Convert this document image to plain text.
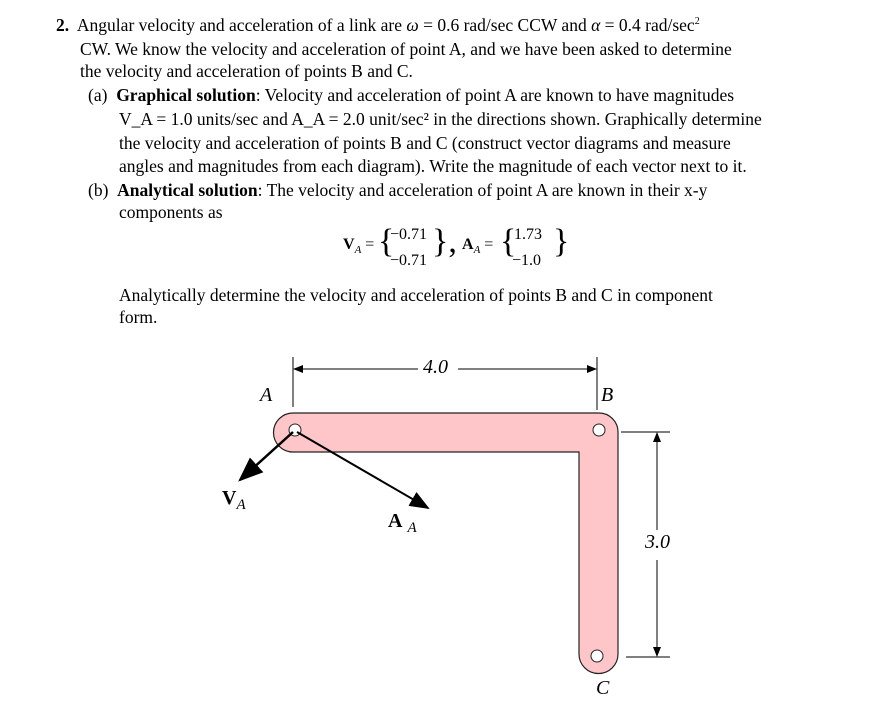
2. Angular velocity and acceleration of a link are ω = 0.6 rad/sec CCW and α = 0.4 rad/$\sec^2$
CW. We know the velocity and acceleration of point A, and we have been asked to determine
the velocity and acceleration of points B and C.
(a) Graphical solution: Velocity and acceleration of point A are known to have magnitudes
V_A = 1.0 units/sec and A_A = 2.0 unit/sec² in the directions shown. Graphically determine
the velocity and acceleration of points B and C (construct vector diagrams and measure
angles and magnitudes from each diagram). Write the magnitude of each vector next to it.
(b) Analytical solution: The velocity and acceleration of point A are known in their x-y
components as
$V_A$ = {
−0.71
−0.71
}, $A_A$ = {
1.73
−1.0
}
Analytically determine the velocity and acceleration of points B and C in component
form.
4.0
3.0
A	B
C
$V_A$
A $_A$
